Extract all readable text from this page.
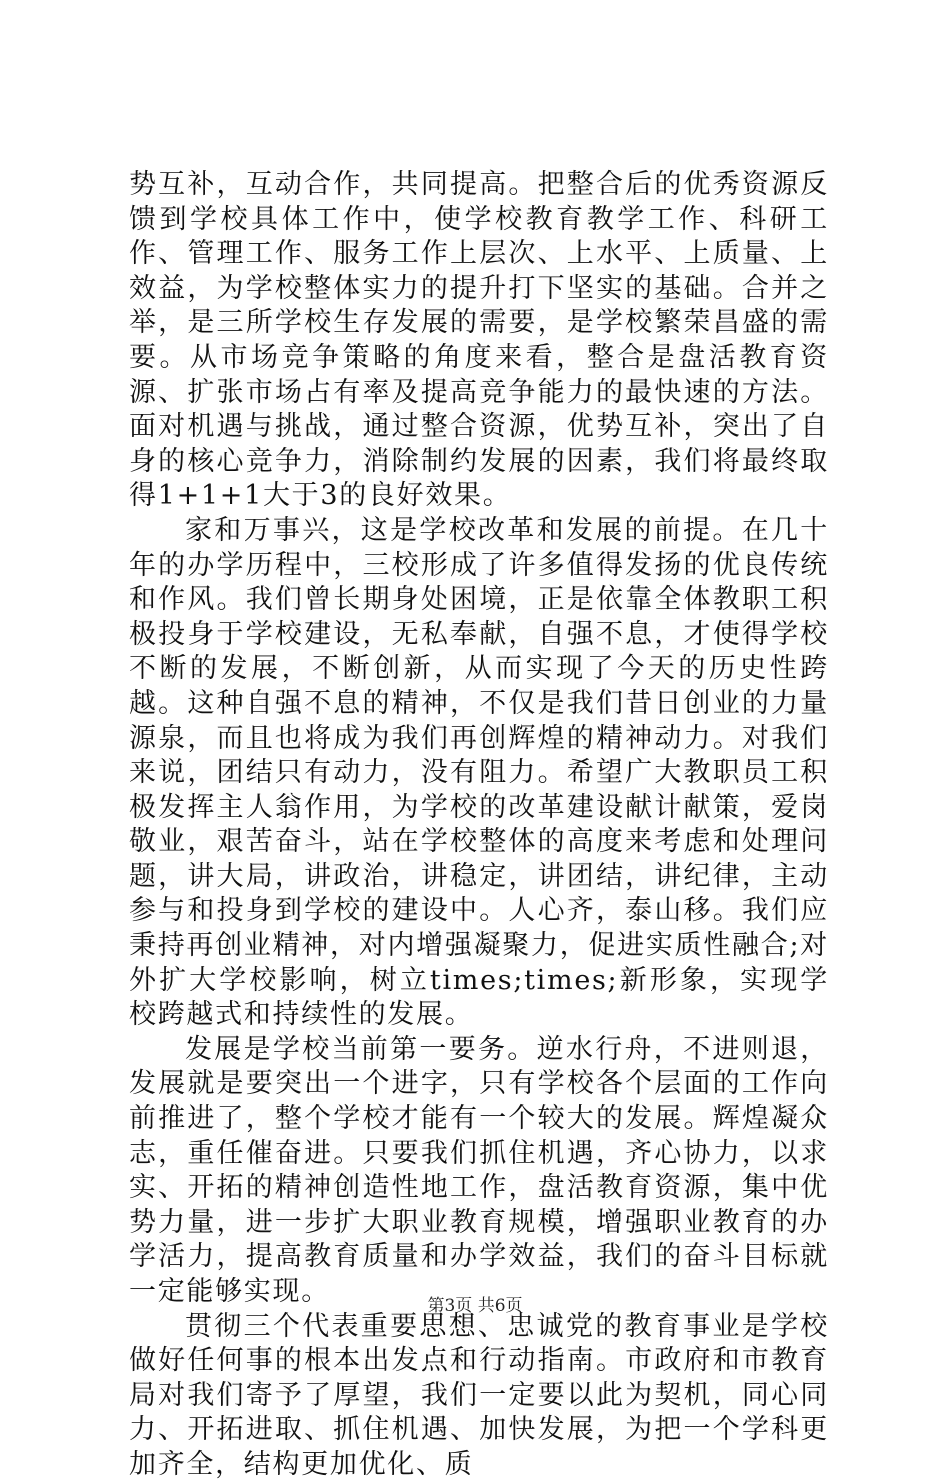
势互补，互动合作，共同提高。把整合后的优秀资源反馈到学校具体工作中，使学校教育教学工作、科研工作、管理工作、服务工作上层次、上水平、上质量、上效益，为学校整体实力的提升打下坚实的基础。合并之举，是三所学校生存发展的需要，是学校繁荣昌盛的需要。从市场竞争策略的角度来看，整合是盘活教育资源、扩张市场占有率及提高竞争能力的最快速的方法。面对机遇与挑战，通过整合资源，优势互补，突出了自身的核心竞争力，消除制约发展的因素，我们将最终取得1+1+1大于3的良好效果。

家和万事兴，这是学校改革和发展的前提。在几十年的办学历程中，三校形成了许多值得发扬的优良传统和作风。我们曾长期身处困境，正是依靠全体教职工积极投身于学校建设，无私奉献，自强不息，才使得学校不断的发展，不断创新，从而实现了今天的历史性跨越。这种自强不息的精神，不仅是我们昔日创业的力量源泉，而且也将成为我们再创辉煌的精神动力。对我们来说，团结只有动力，没有阻力。希望广大教职员工积极发挥主人翁作用，为学校的改革建设献计献策，爱岗敬业，艰苦奋斗，站在学校整体的高度来考虑和处理问题，讲大局，讲政治，讲稳定，讲团结，讲纪律，主动参与和投身到学校的建设中。人心齐，泰山移。我们应秉持再创业精神，对内增强凝聚力，促进实质性融合;对外扩大学校影响，树立times;times;新形象，实现学校跨越式和持续性的发展。

发展是学校当前第一要务。逆水行舟，不进则退，发展就是要突出一个进字，只有学校各个层面的工作向前推进了，整个学校才能有一个较大的发展。辉煌凝众志，重任催奋进。只要我们抓住机遇，齐心协力，以求实、开拓的精神创造性地工作，盘活教育资源，集中优势力量，进一步扩大职业教育规模，增强职业教育的办学活力，提高教育质量和办学效益，我们的奋斗目标就一定能够实现。

贯彻三个代表重要思想、忠诚党的教育事业是学校做好任何事的根本出发点和行动指南。市政府和市教育局对我们寄予了厚望，我们一定要以此为契机，同心同力、开拓进取、抓住机遇、加快发展，为把一个学科更加齐全，结构更加优化、质

第3页 共6页
